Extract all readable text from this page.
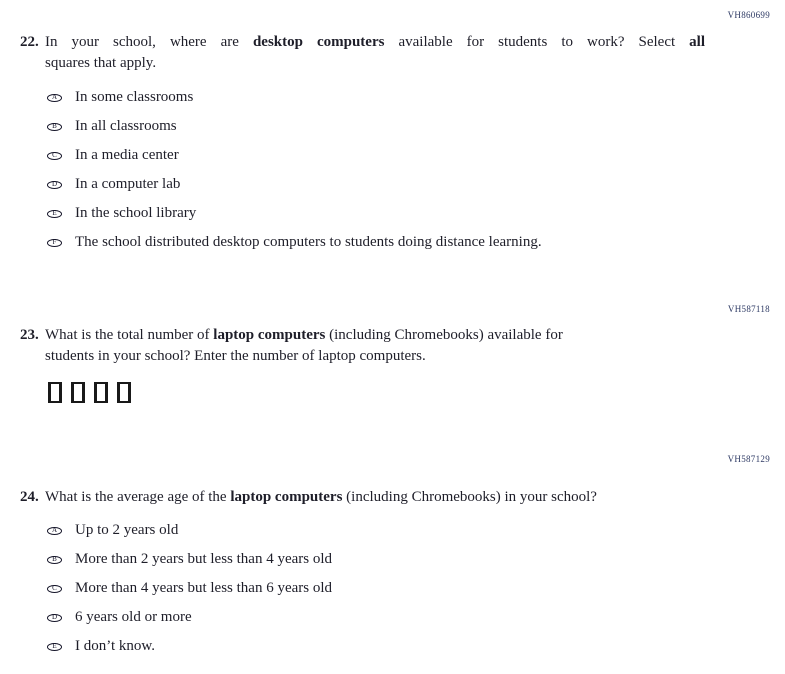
VH860699
22. In your school, where are desktop computers available for students to work? Select all
squares that apply.
A In some classrooms
B In all classrooms
C In a media center
D In a computer lab
E In the school library
F The school distributed desktop computers to students doing distance learning.
VH587118
23. What is the total number of laptop computers (including Chromebooks) available for
students in your school? Enter the number of laptop computers.
VH587129
24. What is the average age of the laptop computers (including Chromebooks) in your school?
A Up to 2 years old
B More than 2 years but less than 4 years old
C More than 4 years but less than 6 years old
D 6 years old or more
E I don’t know.
